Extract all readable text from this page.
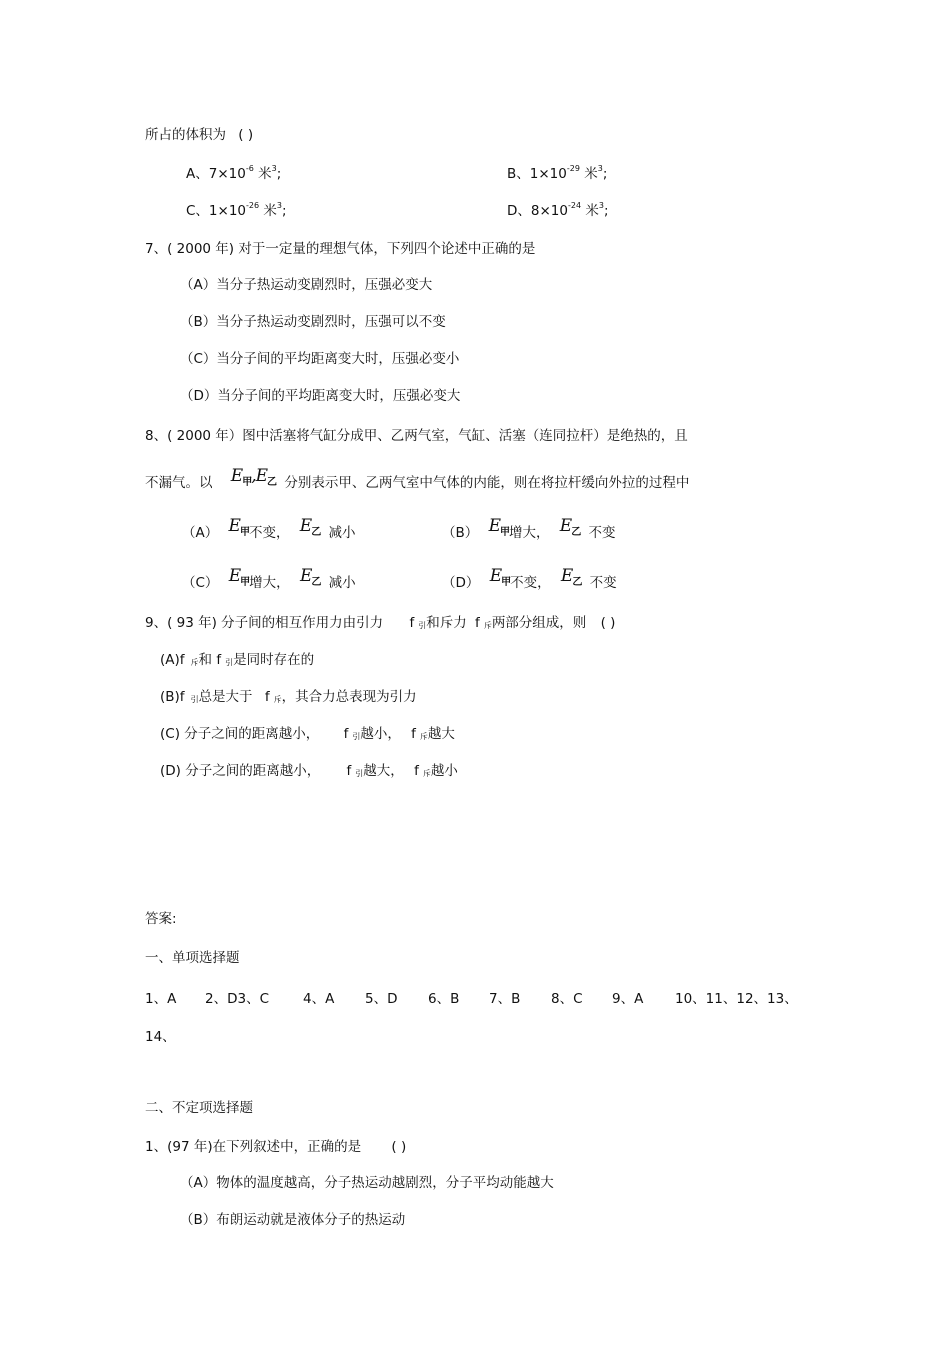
所占的体积为 ( )
A、$7\times 10^{-6}$ 米$^3$;	B、$1\times 10^{-29}$ 米$^3$;
C、$1\times 10^{-26}$ 米$^3$;	D、$8\times 10^{-24}$ 米$^3$;
7、( 2000 年) 对于一定量的理想气体，下列四个论述中正确的是
（A）当分子热运动变剧烈时，压强必变大
（B）当分子热运动变剧烈时，压强可以不变
（C）当分子间的平均距离变大时，压强必变小
（D）当分子间的平均距离变大时，压强必变大
8、( 2000 年）图中活塞将气缸分成甲、乙两气室，气缸、活塞（连同拉杆）是绝热的，且
不漏气。以 $E_甲,E_乙$ 分别表示甲、乙两气室中气体的内能，则在将拉杆缓向外拉的过程中
（A） $E_甲$不变， $E_乙$ 减小	（B） $E_甲$增大， $E_乙$ 不变
（C） $E_甲$增大， $E_乙$ 减小	（D） $E_甲$不变， $E_乙$ 不变
9、( 93 年) 分子间的相互作用力由引力 f 引和斥力 f 斥两部分组成，则 ( )
(A)f 斥和 f 引是同时存在的
(B)f 引总是大于 f 斥，其合力总表现为引力
(C) 分子之间的距离越小， f 引越小， f 斥越大
(D) 分子之间的距离越小， f 引越大， f 斥越小
答案:
一、单项选择题
1、A 2、D3、C	4、A 5、D 6、B 7、B 8、C 9、A 10、11、12、13、
14、
二、不定项选择题
1、(97 年)在下列叙述中，正确的是 ( )
（A）物体的温度越高，分子热运动越剧烈，分子平均动能越大
（B）布朗运动就是液体分子的热运动
